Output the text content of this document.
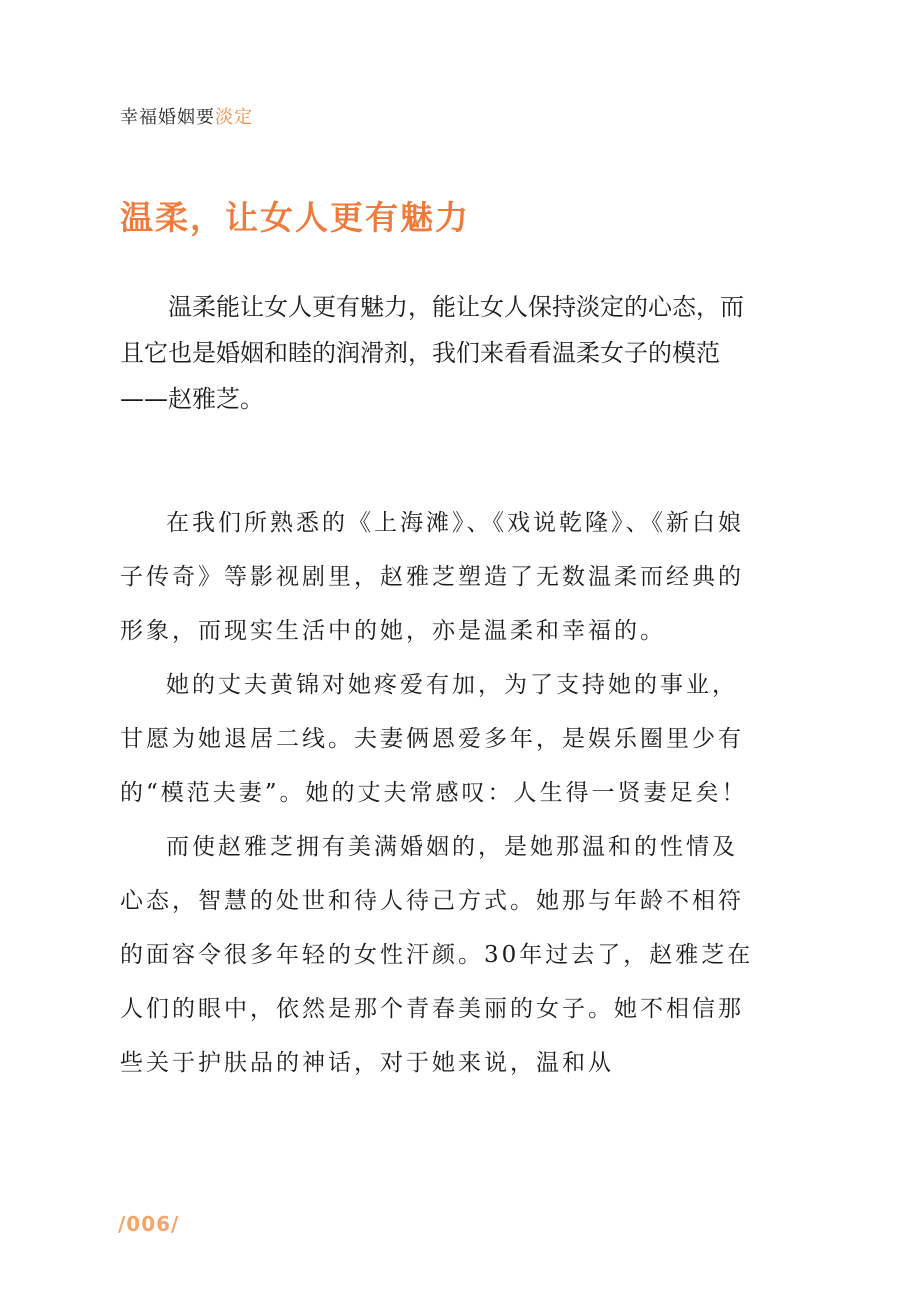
幸福婚姻要淡定
温柔，让女人更有魅力

温柔能让女人更有魅力，能让女人保持淡定的心态，而且它也是婚姻和睦的润滑剂，我们来看看温柔女子的模范——赵雅芝。

在我们所熟悉的《上海滩》、《戏说乾隆》、《新白娘子传奇》等影视剧里，赵雅芝塑造了无数温柔而经典的形象，而现实生活中的她，亦是温柔和幸福的。

她的丈夫黄锦对她疼爱有加，为了支持她的事业，甘愿为她退居二线。夫妻俩恩爱多年，是娱乐圈里少有的“模范夫妻”。她的丈夫常感叹：人生得一贤妻足矣！

而使赵雅芝拥有美满婚姻的，是她那温和的性情及心态，智慧的处世和待人待己方式。她那与年龄不相符的面容令很多年轻的女性汗颜。30年过去了，赵雅芝在人们的眼中，依然是那个青春美丽的女子。她不相信那些关于护肤品的神话，对于她来说，温和从

/006/
